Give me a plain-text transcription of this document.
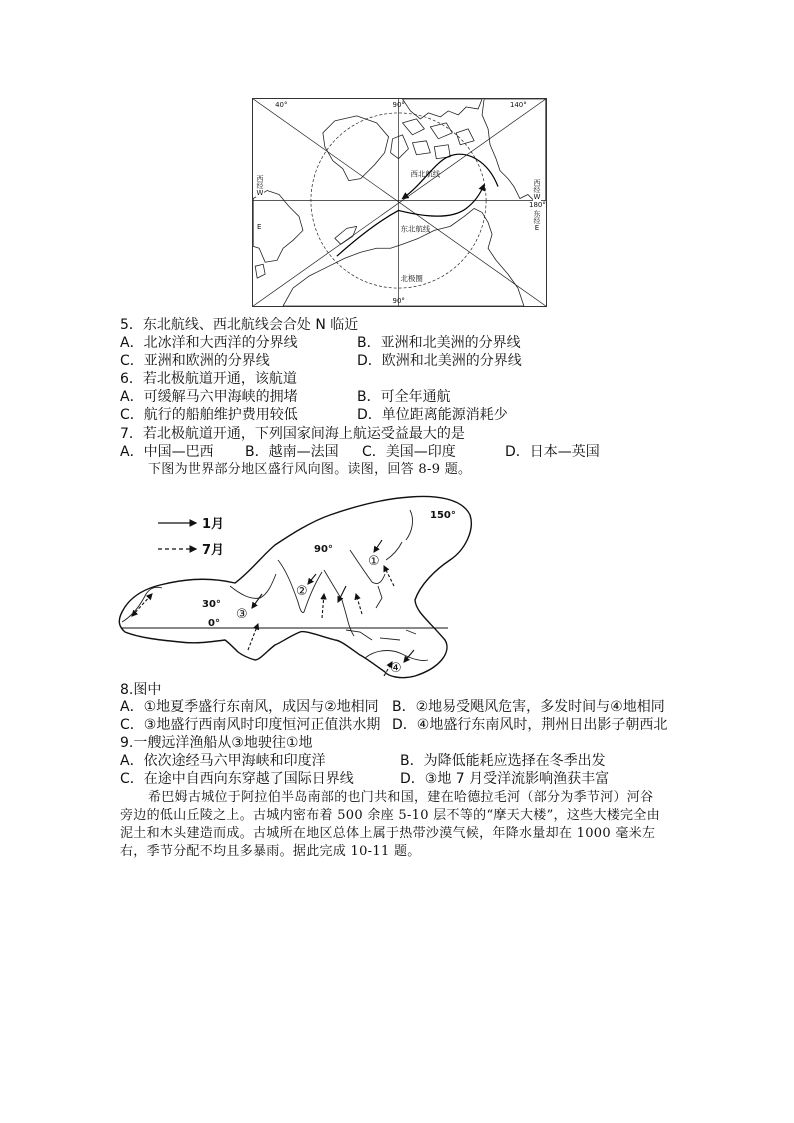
40°	90°	140°
90°
西北航线
东北航线
北极圈
西经W
E
西经W
180°
东经E
5．东北航线、西北航线会合处 N 临近
A．北冰洋和大西洋的分界线	B．亚洲和北美洲的分界线
C．亚洲和欧洲的分界线	D．欧洲和北美洲的分界线
6．若北极航道开通，该航道
A．可缓解马六甲海峡的拥堵	B．可全年通航
C．航行的船舶维护费用较低	D．单位距离能源消耗少
7．若北极航道开通，下列国家间海上航运受益最大的是
A．中国—巴西 B．越南—法国 C．美国—印度	D．日本—英国
下图为世界部分地区盛行风向图。读图，回答 8-9 题。
1月
7月
150°
90°
30°
0°
①
②
③
④
8.图中
A．①地夏季盛行东南风，成因与②地相同 B．②地易受飓风危害，多发时间与④地相同
C．③地盛行西南风时印度恒河正值洪水期 D．④地盛行东南风时，荆州日出影子朝西北
9.一艘远洋渔船从③地驶往①地
A．依次途经马六甲海峡和印度洋	B．为降低能耗应选择在冬季出发
C．在途中自西向东穿越了国际日界线	D．③地 7 月受洋流影响渔获丰富
希巴姆古城位于阿拉伯半岛南部的也门共和国，建在哈德拉毛河（部分为季节河）河谷
旁边的低山丘陵之上。古城内密布着 500 余座 5-10 层不等的“摩天大楼”，这些大楼完全由
泥土和木头建造而成。古城所在地区总体上属于热带沙漠气候，年降水量却在 1000 毫米左
右，季节分配不均且多暴雨。据此完成 10-11 题。
